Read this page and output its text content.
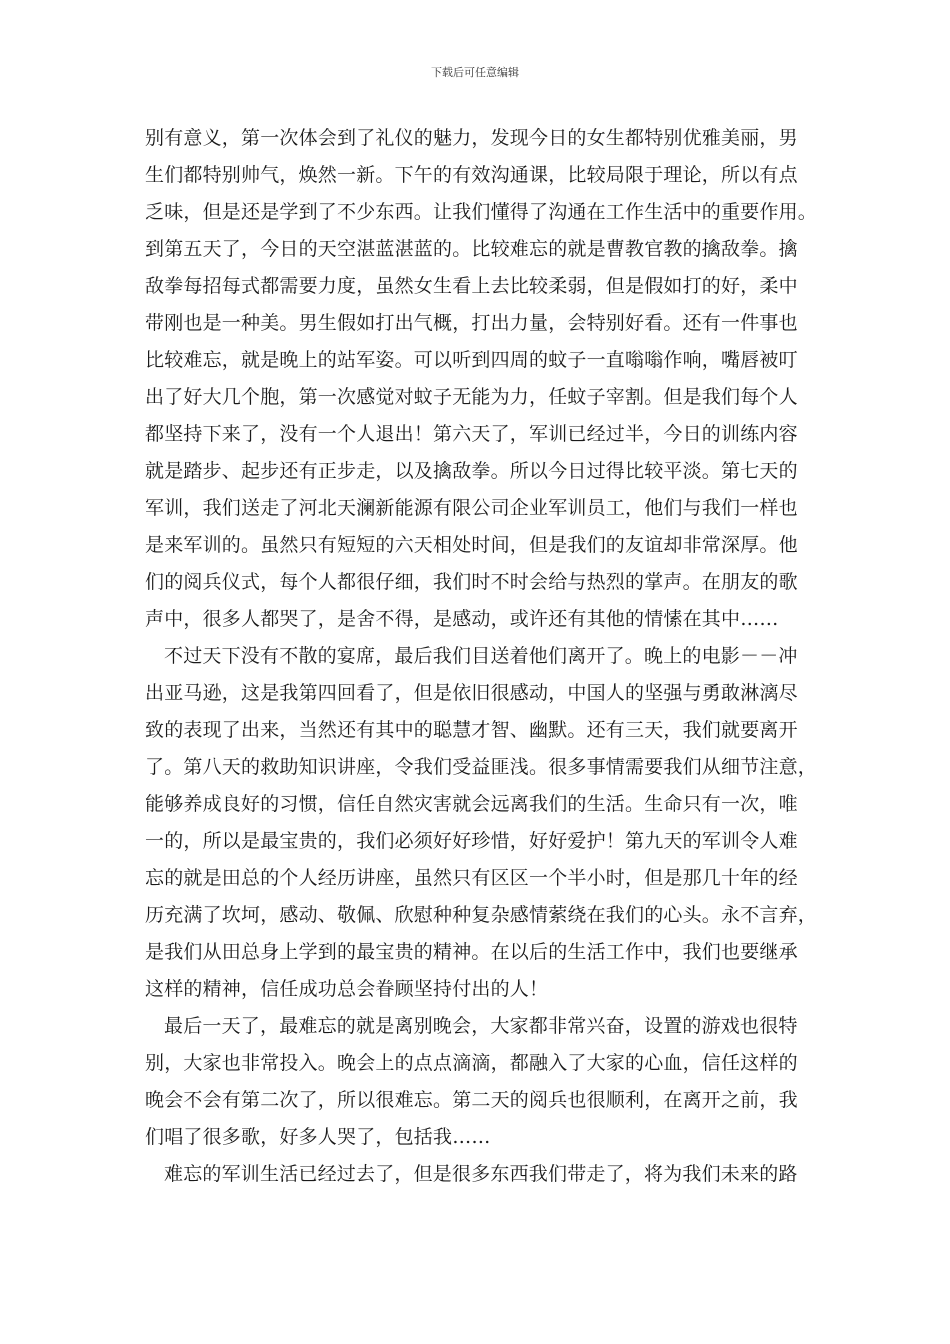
下载后可任意编辑
别有意义，第一次体会到了礼仪的魅力，发现今日的女生都特别优雅美丽，男
生们都特别帅气，焕然一新。下午的有效沟通课，比较局限于理论，所以有点
乏味，但是还是学到了不少东西。让我们懂得了沟通在工作生活中的重要作用。
到第五天了，今日的天空湛蓝湛蓝的。比较难忘的就是曹教官教的擒敌拳。擒
敌拳每招每式都需要力度，虽然女生看上去比较柔弱，但是假如打的好，柔中
带刚也是一种美。男生假如打出气概，打出力量，会特别好看。还有一件事也
比较难忘，就是晚上的站军姿。可以听到四周的蚊子一直嗡嗡作响，嘴唇被叮
出了好大几个胞，第一次感觉对蚊子无能为力，任蚊子宰割。但是我们每个人
都坚持下来了，没有一个人退出！第六天了，军训已经过半，今日的训练内容
就是踏步、起步还有正步走，以及擒敌拳。所以今日过得比较平淡。第七天的
军训，我们送走了河北天澜新能源有限公司企业军训员工，他们与我们一样也
是来军训的。虽然只有短短的六天相处时间，但是我们的友谊却非常深厚。他
们的阅兵仪式，每个人都很仔细，我们时不时会给与热烈的掌声。在朋友的歌
声中，很多人都哭了，是舍不得，是感动，或许还有其他的情愫在其中……
不过天下没有不散的宴席，最后我们目送着他们离开了。晚上的电影－－冲
出亚马逊，这是我第四回看了，但是依旧很感动，中国人的坚强与勇敢淋漓尽
致的表现了出来，当然还有其中的聪慧才智、幽默。还有三天，我们就要离开
了。第八天的救助知识讲座，令我们受益匪浅。很多事情需要我们从细节注意，
能够养成良好的习惯，信任自然灾害就会远离我们的生活。生命只有一次，唯
一的，所以是最宝贵的，我们必须好好珍惜，好好爱护！第九天的军训令人难
忘的就是田总的个人经历讲座，虽然只有区区一个半小时，但是那几十年的经
历充满了坎坷，感动、敬佩、欣慰种种复杂感情萦绕在我们的心头。永不言弃，
是我们从田总身上学到的最宝贵的精神。在以后的生活工作中，我们也要继承
这样的精神，信任成功总会眷顾坚持付出的人！
最后一天了，最难忘的就是离别晚会，大家都非常兴奋，设置的游戏也很特
别，大家也非常投入。晚会上的点点滴滴，都融入了大家的心血，信任这样的
晚会不会有第二次了，所以很难忘。第二天的阅兵也很顺利，在离开之前，我
们唱了很多歌，好多人哭了，包括我……
难忘的军训生活已经过去了，但是很多东西我们带走了，将为我们未来的路
